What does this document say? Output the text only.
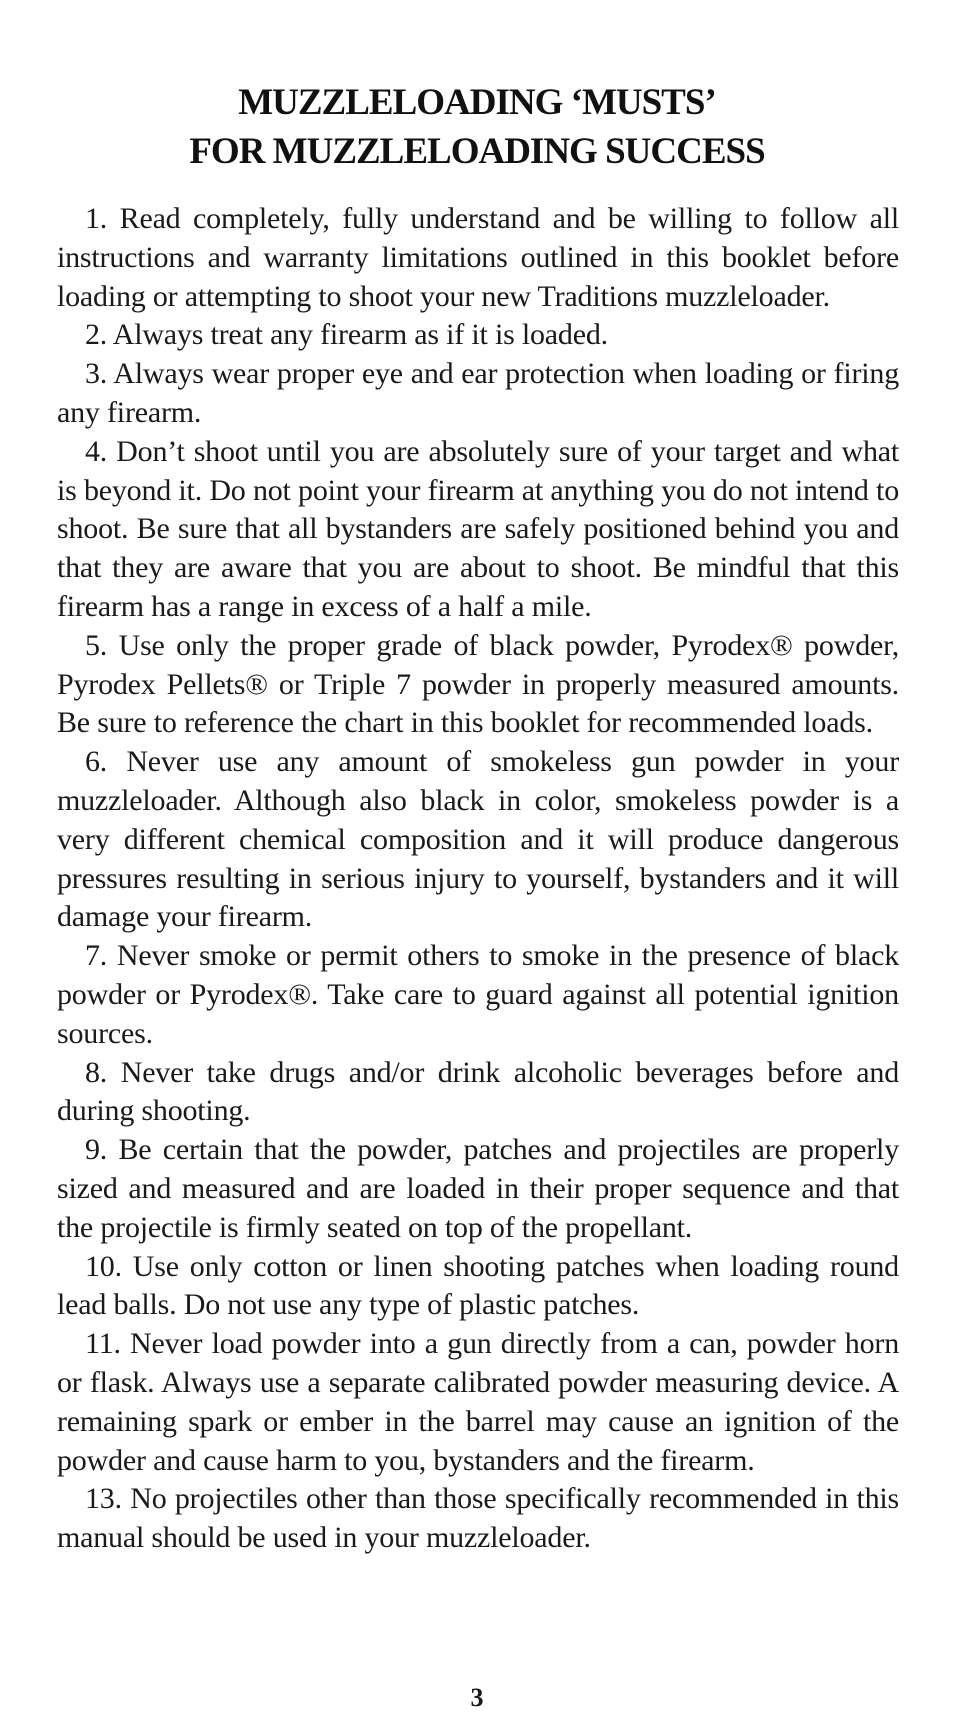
MUZZLELOADING ‘MUSTS’
FOR MUZZLELOADING SUCCESS

1. Read completely, fully understand and be willing to follow all instructions and warranty limitations outlined in this booklet before loading or attempting to shoot your new Traditions muzzleloader.

2. Always treat any firearm as if it is loaded.

3. Always wear proper eye and ear protection when loading or firing any firearm.

4. Don’t shoot until you are absolutely sure of your target and what is beyond it. Do not point your firearm at anything you do not intend to shoot. Be sure that all bystanders are safely positioned behind you and that they are aware that you are about to shoot. Be mindful that this firearm has a range in excess of a half a mile.

5. Use only the proper grade of black powder, Pyrodex® powder, Pyrodex Pellets® or Triple 7 powder in properly measured amounts. Be sure to reference the chart in this booklet for recommended loads.

6. Never use any amount of smokeless gun powder in your muzzleloader. Although also black in color, smokeless powder is a very different chemical composition and it will produce dangerous pressures resulting in serious injury to yourself, bystanders and it will damage your firearm.

7. Never smoke or permit others to smoke in the presence of black powder or Pyrodex®. Take care to guard against all potential ignition sources.

8. Never take drugs and/or drink alcoholic beverages before and during shooting.

9. Be certain that the powder, patches and projectiles are properly sized and measured and are loaded in their proper sequence and that the projectile is firmly seated on top of the propellant.

10. Use only cotton or linen shooting patches when loading round lead balls. Do not use any type of plastic patches.

11. Never load powder into a gun directly from a can, powder horn or flask. Always use a separate calibrated powder measuring device. A remaining spark or ember in the barrel may cause an ignition of the powder and cause harm to you, bystanders and the firearm.

13. No projectiles other than those specifically recommended in this manual should be used in your muzzleloader.

3
